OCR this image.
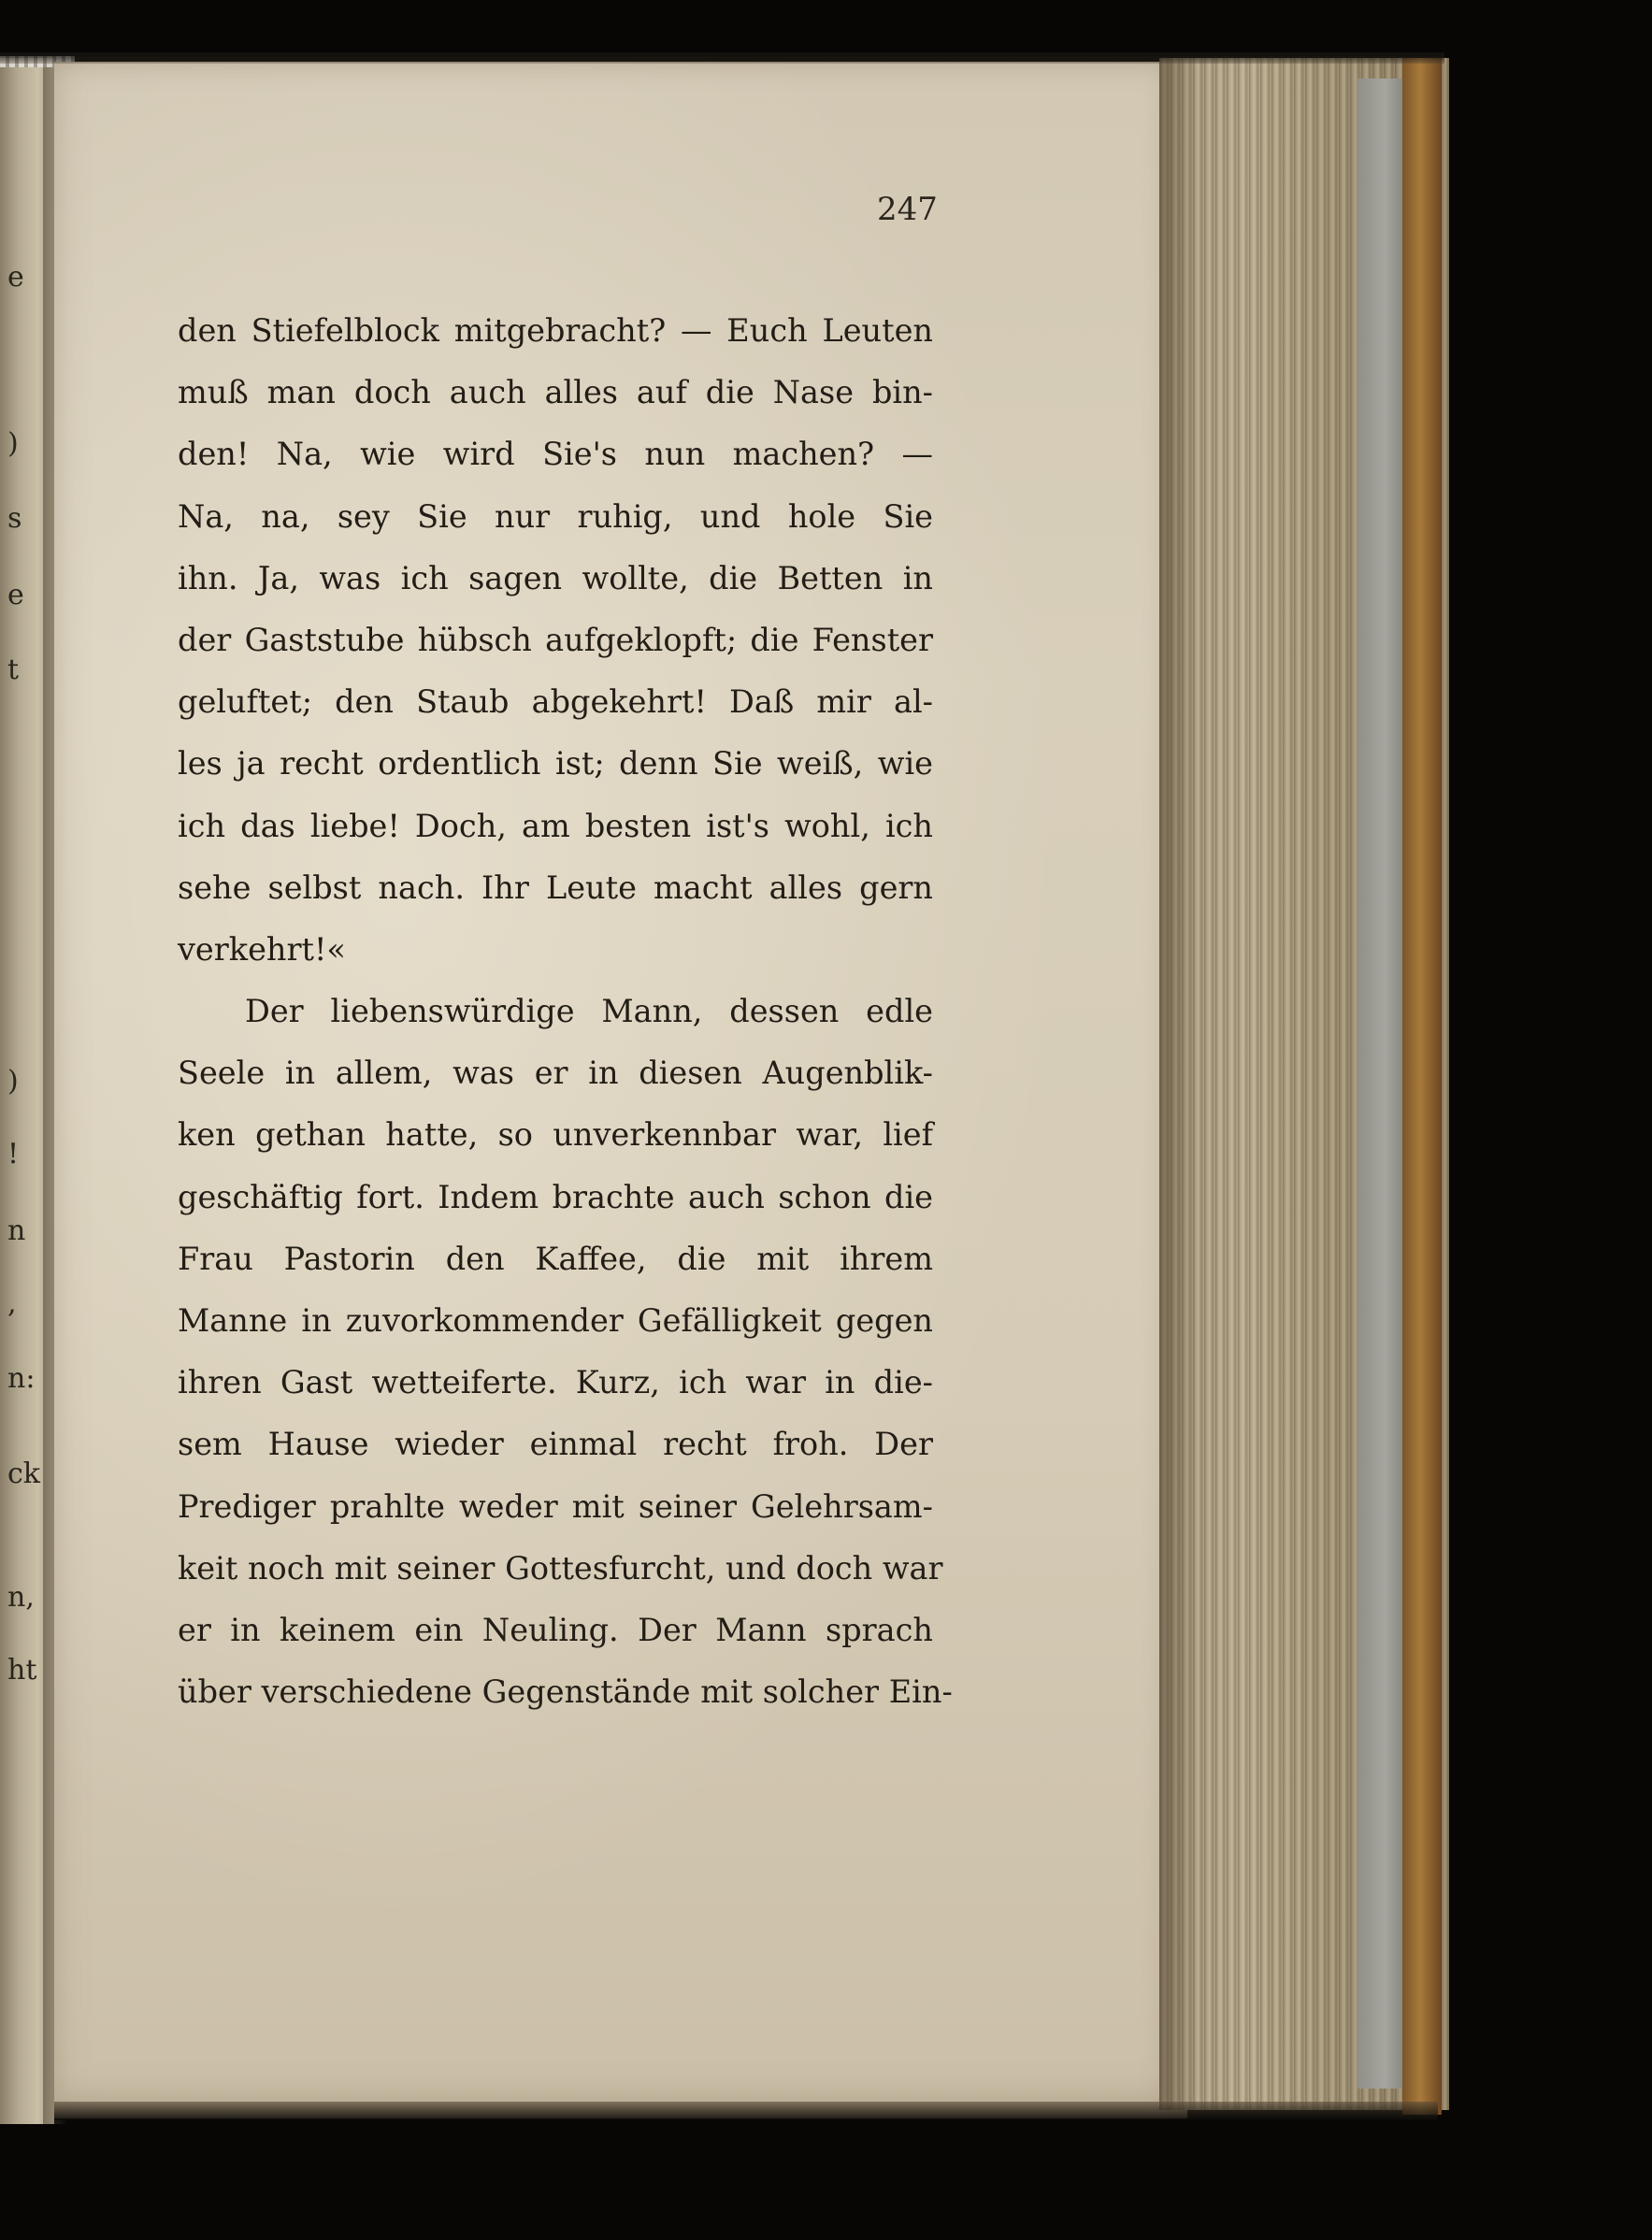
e
)
s
e
t
)
!
n
,
n:
ck
n,
ht
247
den Stiefelblock mitgebracht? — Euch Leuten
muß man doch auch alles auf die Nase bin-
den! Na, wie wird Sie's nun machen? —
Na, na, sey Sie nur ruhig, und hole Sie
ihn. Ja, was ich sagen wollte, die Betten in
der Gaststube hübsch aufgeklopft; die Fenster
geluftet; den Staub abgekehrt! Daß mir al-
les ja recht ordentlich ist; denn Sie weiß, wie
ich das liebe! Doch, am besten ist's wohl, ich
sehe selbst nach. Ihr Leute macht alles gern
verkehrt!«
Der liebenswürdige Mann, dessen edle
Seele in allem, was er in diesen Augenblik-
ken gethan hatte, so unverkennbar war, lief
geschäftig fort. Indem brachte auch schon die
Frau Pastorin den Kaffee, die mit ihrem
Manne in zuvorkommender Gefälligkeit gegen
ihren Gast wetteiferte. Kurz, ich war in die-
sem Hause wieder einmal recht froh. Der
Prediger prahlte weder mit seiner Gelehrsam-
keit noch mit seiner Gottesfurcht, und doch war
er in keinem ein Neuling. Der Mann sprach
über verschiedene Gegenstände mit solcher Ein-
